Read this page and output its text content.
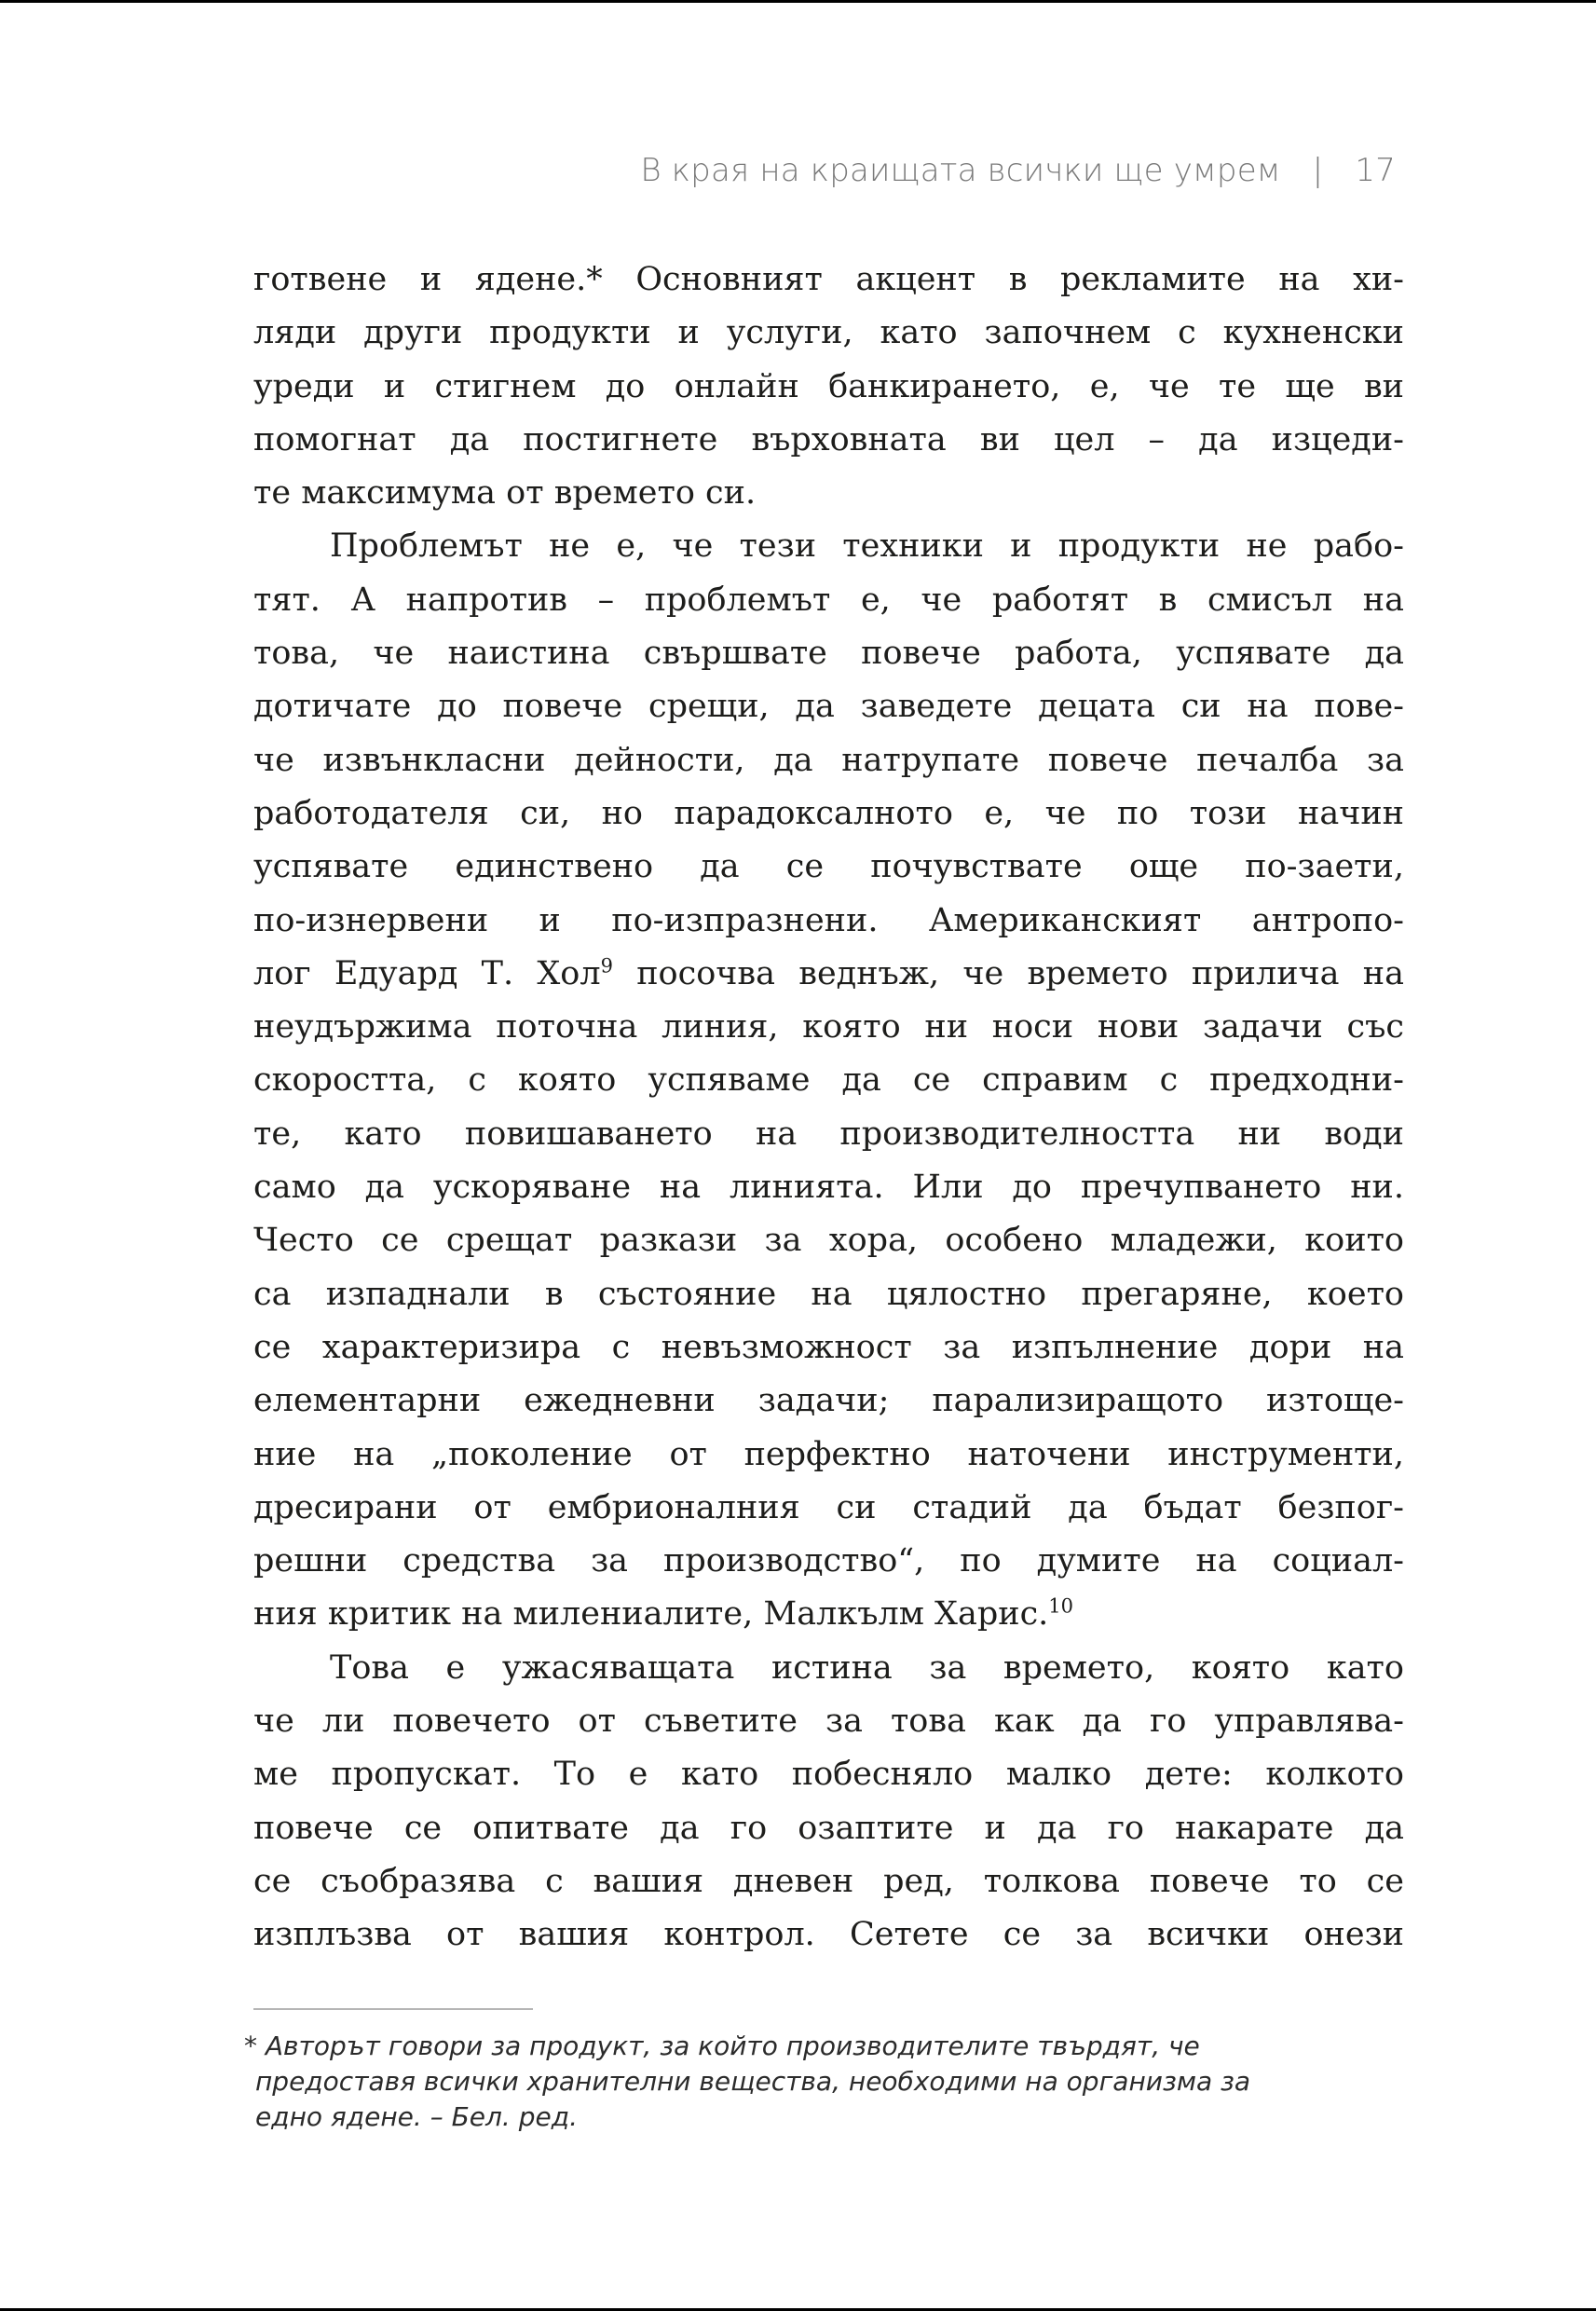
В края на краищата всички ще умрем | 17

готвене и ядене.* Основният акцент в рекламите на хи-
ляди други продукти и услуги, като започнем с кухненски
уреди и стигнем до онлайн банкирането, е, че те ще ви
помогнат да постигнете върховната ви цел – да изцеди-
те максимума от времето си.

Проблемът не е, че тези техники и продукти не рабо-
тят. А напротив – проблемът е, че работят в смисъл на
това, че наистина свършвате повече работа, успявате да
дотичате до повече срещи, да заведете децата си на пове-
че извънкласни дейности, да натрупате повече печалба за
работодателя си, но парадоксалното е, че по този начин
успявате единствено да се почувствате още по-заети,
по-изнервени и по-изпразнени. Американският антропо-
лог Едуард Т. Хол$^9$ посочва веднъж, че времето прилича на
неудържима поточна линия, която ни носи нови задачи със
скоростта, с която успяваме да се справим с предходни-
те, като повишаването на производителността ни води
само да ускоряване на линията. Или до пречупването ни.
Често се срещат разкази за хора, особено младежи, които
са изпаднали в състояние на цялостно прегаряне, което
се характеризира с невъзможност за изпълнение дори на
елементарни ежедневни задачи; парализиращото изтоще-
ние на „поколение от перфектно наточени инструменти,
дресирани от ембрионалния си стадий да бъдат безпог-
решни средства за производство“, по думите на социал-
ния критик на милениалите, Малкълм Харис.$^{10}$

Това е ужасяващата истина за времето, която като
че ли повечето от съветите за това как да го управлява-
ме пропускат. То е като побесняло малко дете: колкото
повече се опитвате да го озаптите и да го накарате да
се съобразява с вашия дневен ред, толкова повече то се
изплъзва от вашия контрол. Сетете се за всички онези

* Авторът говори за продукт, за който производителите твърдят, че
предоставя всички хранителни вещества, необходими на организма за
едно ядене. – Бел. ред.
